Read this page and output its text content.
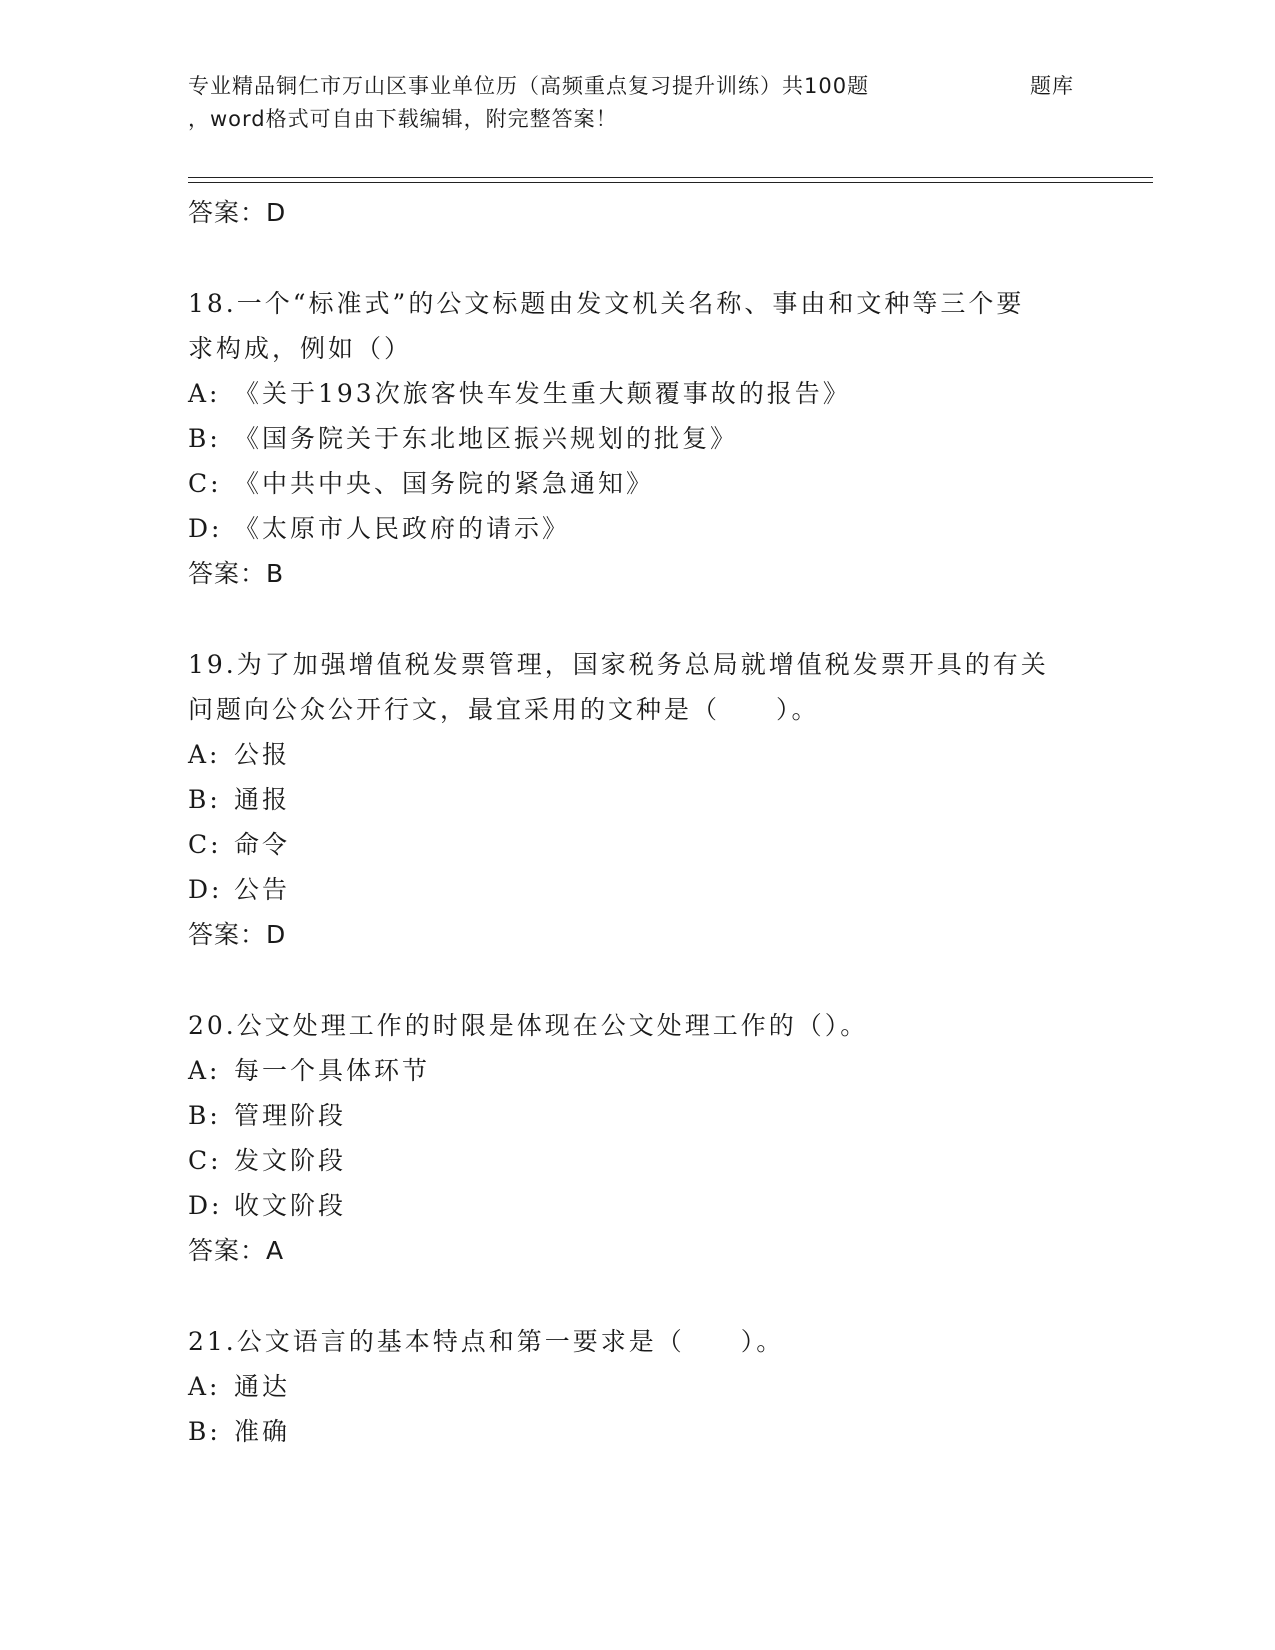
专业精品铜仁市万山区事业单位历（高频重点复习提升训练）共100题	题库
，word格式可自由下载编辑，附完整答案！
答案：D
18.一个“标准式”的公文标题由发文机关名称、事由和文种等三个要
求构成，例如（）
A: 《关于193次旅客快车发生重大颠覆事故的报告》
B: 《国务院关于东北地区振兴规划的批复》
C: 《中共中央、国务院的紧急通知》
D: 《太原市人民政府的请示》
答案：B
19.为了加强增值税发票管理，国家税务总局就增值税发票开具的有关
问题向公众公开行文，最宜采用的文种是（　　）。
A: 公报
B: 通报
C: 命令
D: 公告
答案：D
20.公文处理工作的时限是体现在公文处理工作的（）。
A: 每一个具体环节
B: 管理阶段
C: 发文阶段
D: 收文阶段
答案：A
21.公文语言的基本特点和第一要求是（　　）。
A: 通达
B: 准确
